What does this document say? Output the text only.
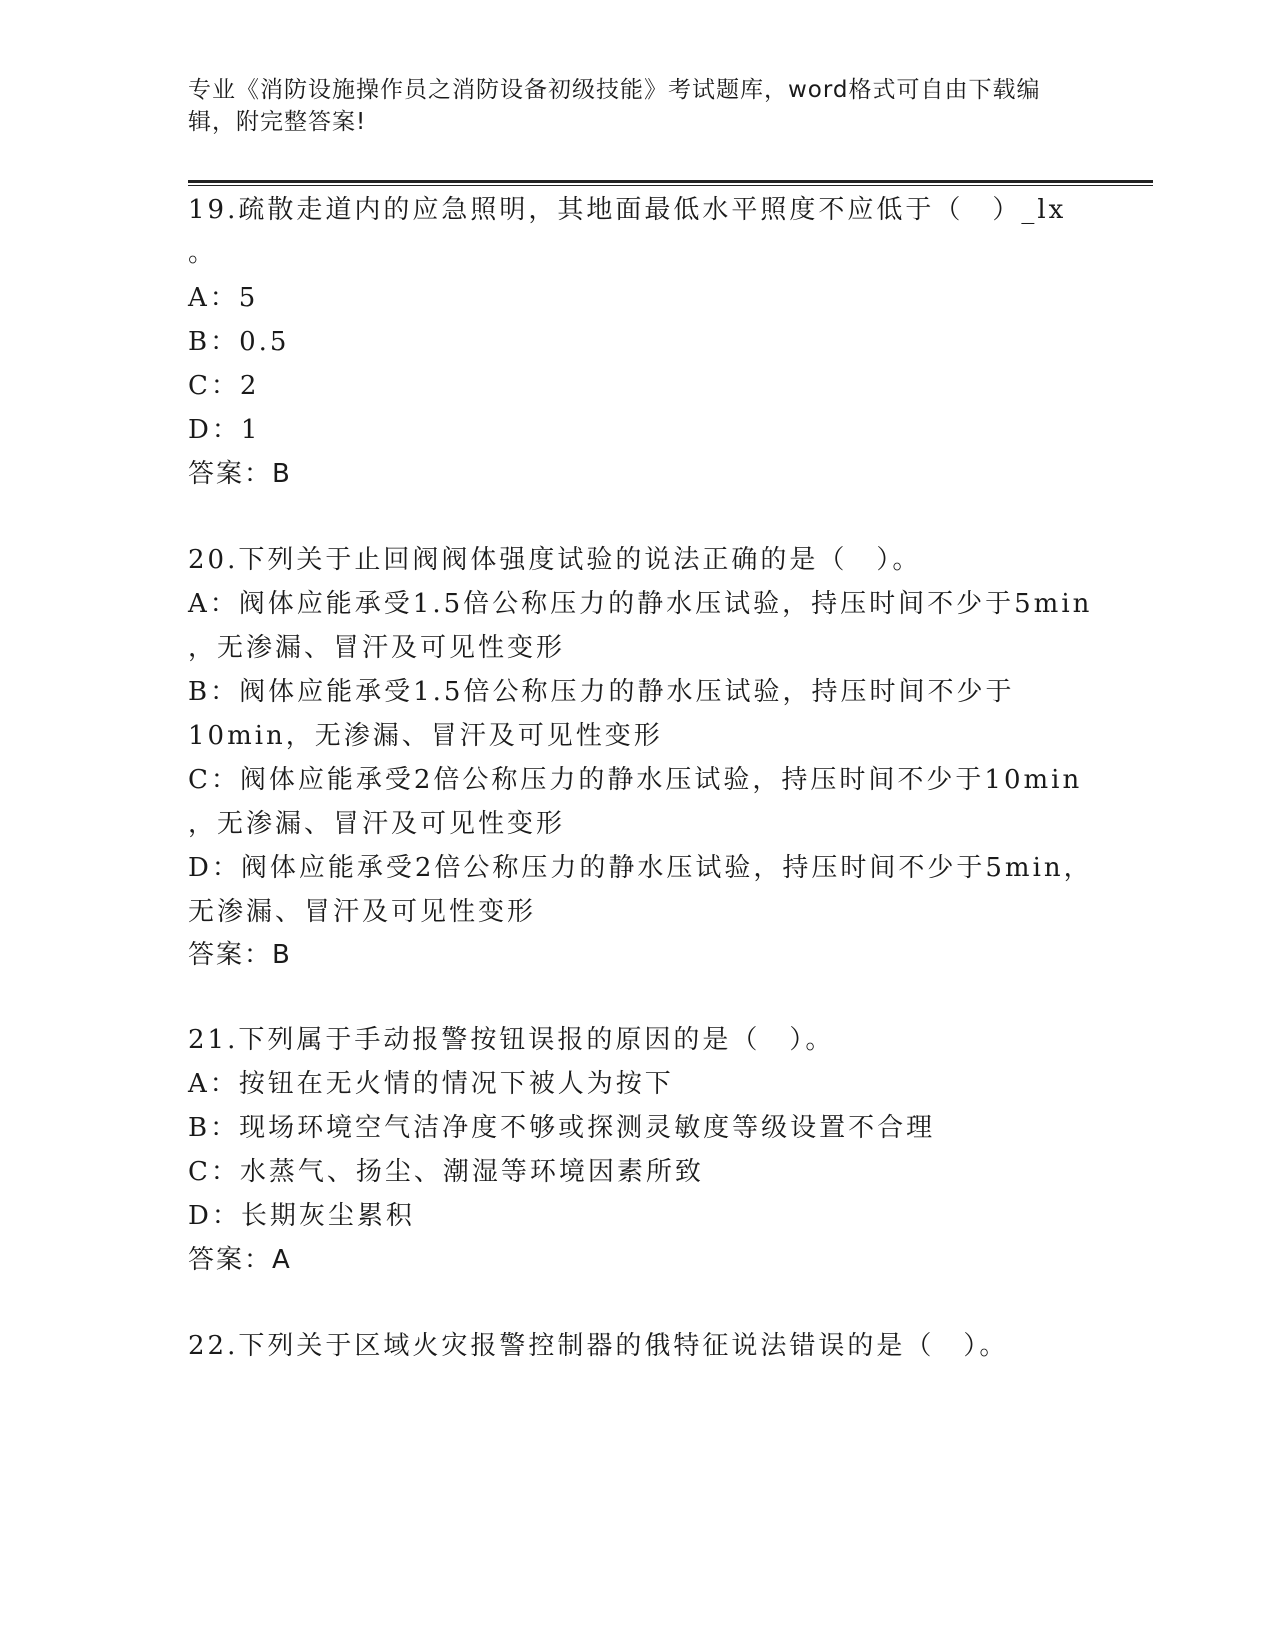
专业《消防设施操作员之消防设备初级技能》考试题库，word格式可自由下载编
辑，附完整答案!
19.疏散走道内的应急照明，其地面最低水平照度不应低于（　）_lx
。
A：5
B：0.5
C：2
D：1
答案：B
20.下列关于止回阀阀体强度试验的说法正确的是（　）。
A：阀体应能承受1.5倍公称压力的静水压试验，持压时间不少于5min
，无渗漏、冒汗及可见性变形
B：阀体应能承受1.5倍公称压力的静水压试验，持压时间不少于
10min，无渗漏、冒汗及可见性变形
C：阀体应能承受2倍公称压力的静水压试验，持压时间不少于10min
，无渗漏、冒汗及可见性变形
D：阀体应能承受2倍公称压力的静水压试验，持压时间不少于5min，
无渗漏、冒汗及可见性变形
答案：B
21.下列属于手动报警按钮误报的原因的是（　）。
A：按钮在无火情的情况下被人为按下
B：现场环境空气洁净度不够或探测灵敏度等级设置不合理
C：水蒸气、扬尘、潮湿等环境因素所致
D：长期灰尘累积
答案：A
22.下列关于区域火灾报警控制器的俄特征说法错误的是（　）。
